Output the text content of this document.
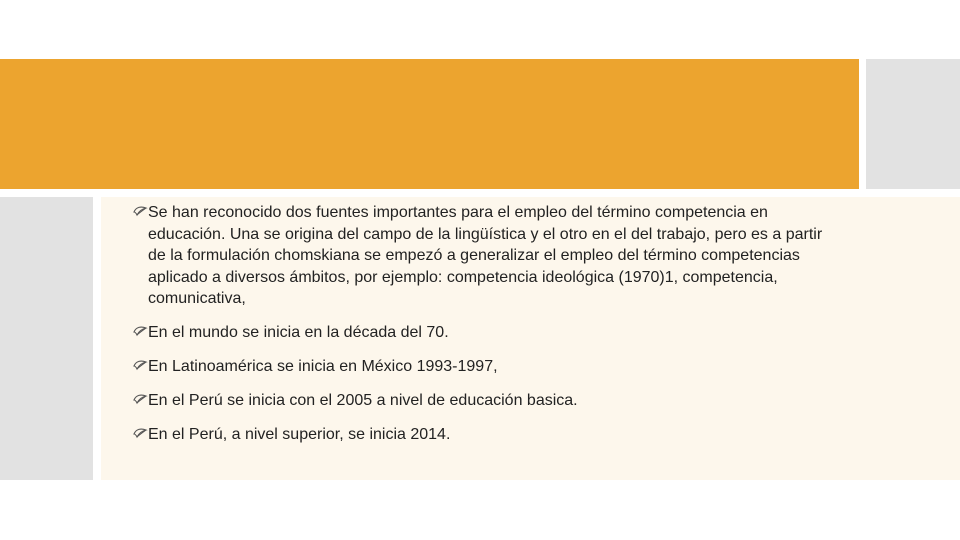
Se han reconocido dos fuentes importantes para el empleo del término competencia en educación. Una se origina del campo de la lingüística y el otro en el del trabajo, pero es a partir de la formulación chomskiana se empezó a generalizar el empleo del término competencias aplicado a diversos ámbitos, por ejemplo: competencia ideológica (1970)1, competencia, comunicativa,
En el mundo se inicia en la década del 70.
En Latinoamérica se inicia en México 1993-1997,
En el Perú se inicia con el 2005 a nivel de educación basica.
En el Perú, a nivel superior, se inicia 2014.
